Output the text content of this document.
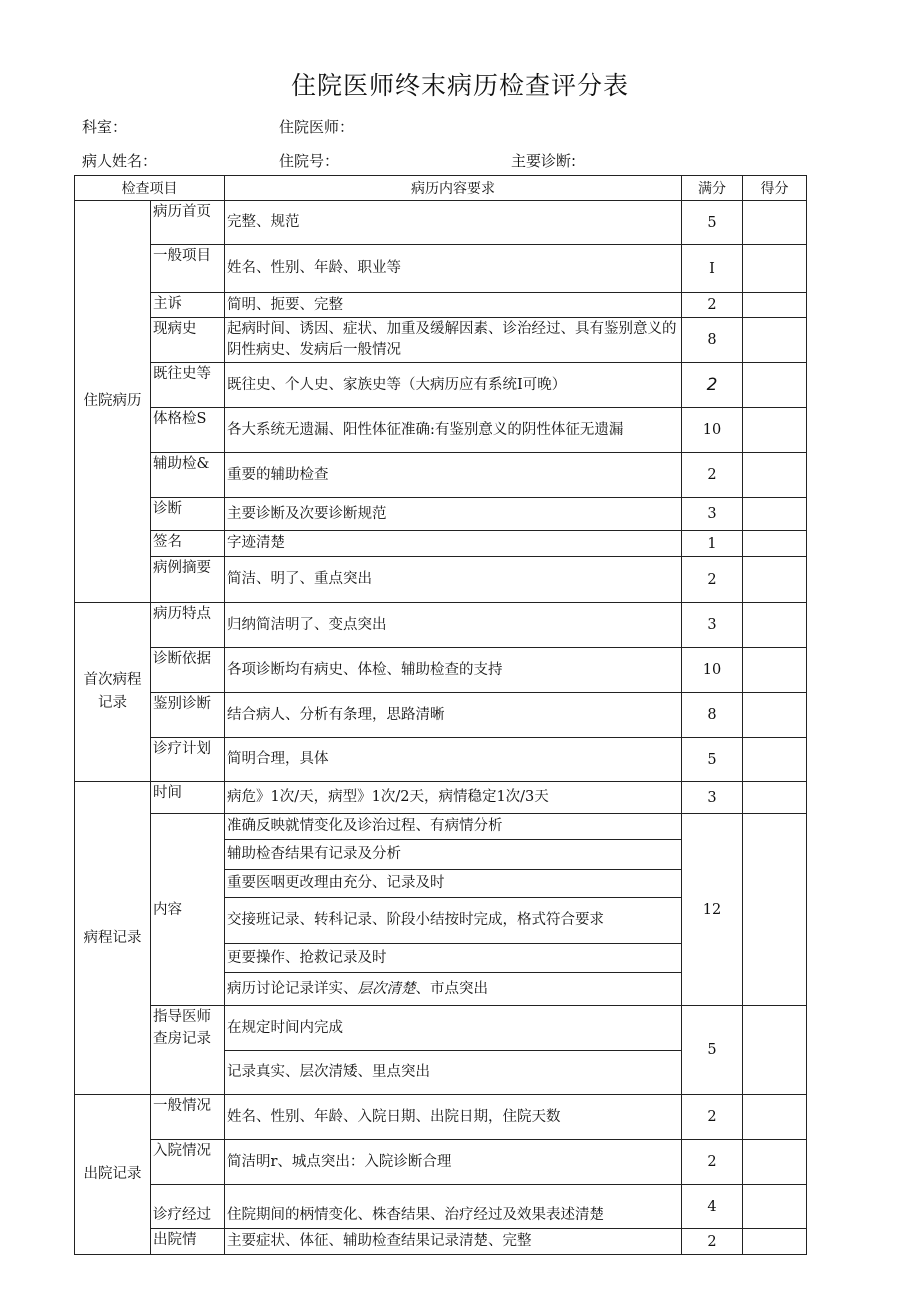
住院医师终末病历检查评分表
科室：	住院医师：
病人姓名：	住院号：	主要诊断:
检查项目		病历内容要求	满分	得分
住院病历	病历首页	完整、规范	5	
	一般项目	姓名、性别、年龄、职业等	I	
	主诉	简明、扼要、完整	2	
	现病史	起病时间、诱因、症状、加重及缓解因素、诊治经过、具有鉴别意义的阴性病史、发病后一般情况	8	
	既往史等	既往史、个人史、家族史等（大病历应有系统I可晚）	2	
	体格检S	各大系统无遗漏、阳性体征准确:有鉴别意义的阴性体征无遗漏	10	
	辅助检&	重要的辅助检查	2	
	诊断	主要诊断及次要诊断规范	3	
	签名	字迹清楚	1	
	病例摘要	简洁、明了、重点突出	2	
首次病程记录	病历特点	归纳简洁明了、变点突出	3	
	诊断依据	各项诊断均有病史、体检、辅助检查的支持	10	
	鉴别诊断	结合病人、分析有条理，思路清晰	8	
	诊疗计划	简明合理，具体	5	
病程记录	时间	病危》1次/天，病型》1次/2天，病情稳定1次/3天	3	
	内容	准确反映就情变化及诊治过程、有病情分析	12	
		辅助检杳结果有记录及分析		
		重要医咽更改理由充分、记录及时		
		交接班记录、转科记录、阶段小结按时完成，格式符合要求		
		更要操作、抢救记录及时		
		病历讨论记录详实、层次清楚、市点突出		
	指导医师查房记录	在规定时间内完成	5	
		记录真实、层次清矮、里点突出		
出院记录	一般情况	姓名、性别、年龄、入院日期、出院日期，住院天数	2	
	入院情况	简洁明r、城点突出：入院诊断合理	2	
	诊疗经过	住院期间的柄情变化、株杳结果、治疗经过及效果表述清楚	4	
	出院情	主要症状、体征、辅助检查结果记录清楚、完整	2	
